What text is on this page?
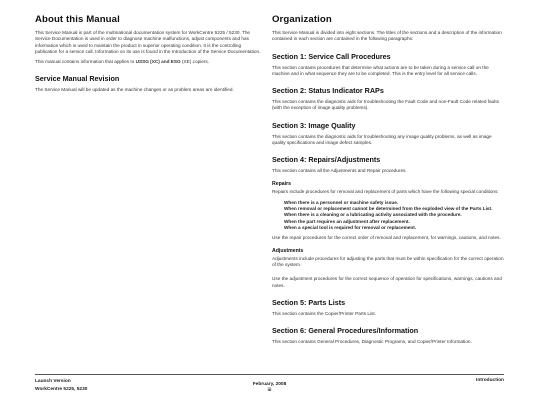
About this Manual

This Service Manual is part of the multinational documentation system for WorkCentre 5225 / 5230. The Service Documentation is used in order to diagnose machine malfunctions, adjust components and has information which is used to maintain the product in superior operating condition. It is the controlling publication for a service call. Information on its use is found in the Introduction of the Service Documentation.

This manual contains information that applies to USSG (XC) and ESG (XE) copiers.

Service Manual Revision

The Service Manual will be updated as the machine changes or as problem areas are identified.

Organization

This Service Manual is divided into eight sections. The titles of the sections and a description of the information contained in each section are contained in the following paragraphs:

Section 1: Service Call Procedures

This section contains procedures that determine what actions are to be taken during a service call on the machine and in what sequence they are to be completed. This is the entry level for all service calls.

Section 2: Status Indicator RAPs

This section contains the diagnostic aids for troubleshooting the Fault Code and non-Fault Code related faults (with the exception of image quality problems).

Section 3: Image Quality

This section contains the diagnostic aids for troubleshooting any image quality problems, as well as image quality specifications and image defect samples.

Section 4: Repairs/Adjustments

This section contains all the Adjustments and Repair procedures.

Repairs

Repairs include procedures for removal and replacement of parts which have the following special conditions:

When there is a personnel or machine safety issue.
When removal or replacement cannot be determined from the exploded view of the Parts List.
When there is a cleaning or a lubricating activity associated with the procedure.
When the part requires an adjustment after replacement.
When a special tool is required for removal or replacement.

Use the repair procedures for the correct order of removal and replacement, for warnings, cautions, and notes.

Adjustments

Adjustments include procedures for adjusting the parts that must be within specification for the correct operation of the system.

Use the adjustment procedures for the correct sequence of operation for specifications, warnings, cautions and notes.

Section 5: Parts Lists

This section contains the Copier/Printer Parts List.

Section 6: General Procedures/Information

This section contains General Procedures, Diagnostic Programs, and Copier/Printer Information.

Launch Version
WorkCentre 5225, 5230
February, 2008
iii
Introduction
